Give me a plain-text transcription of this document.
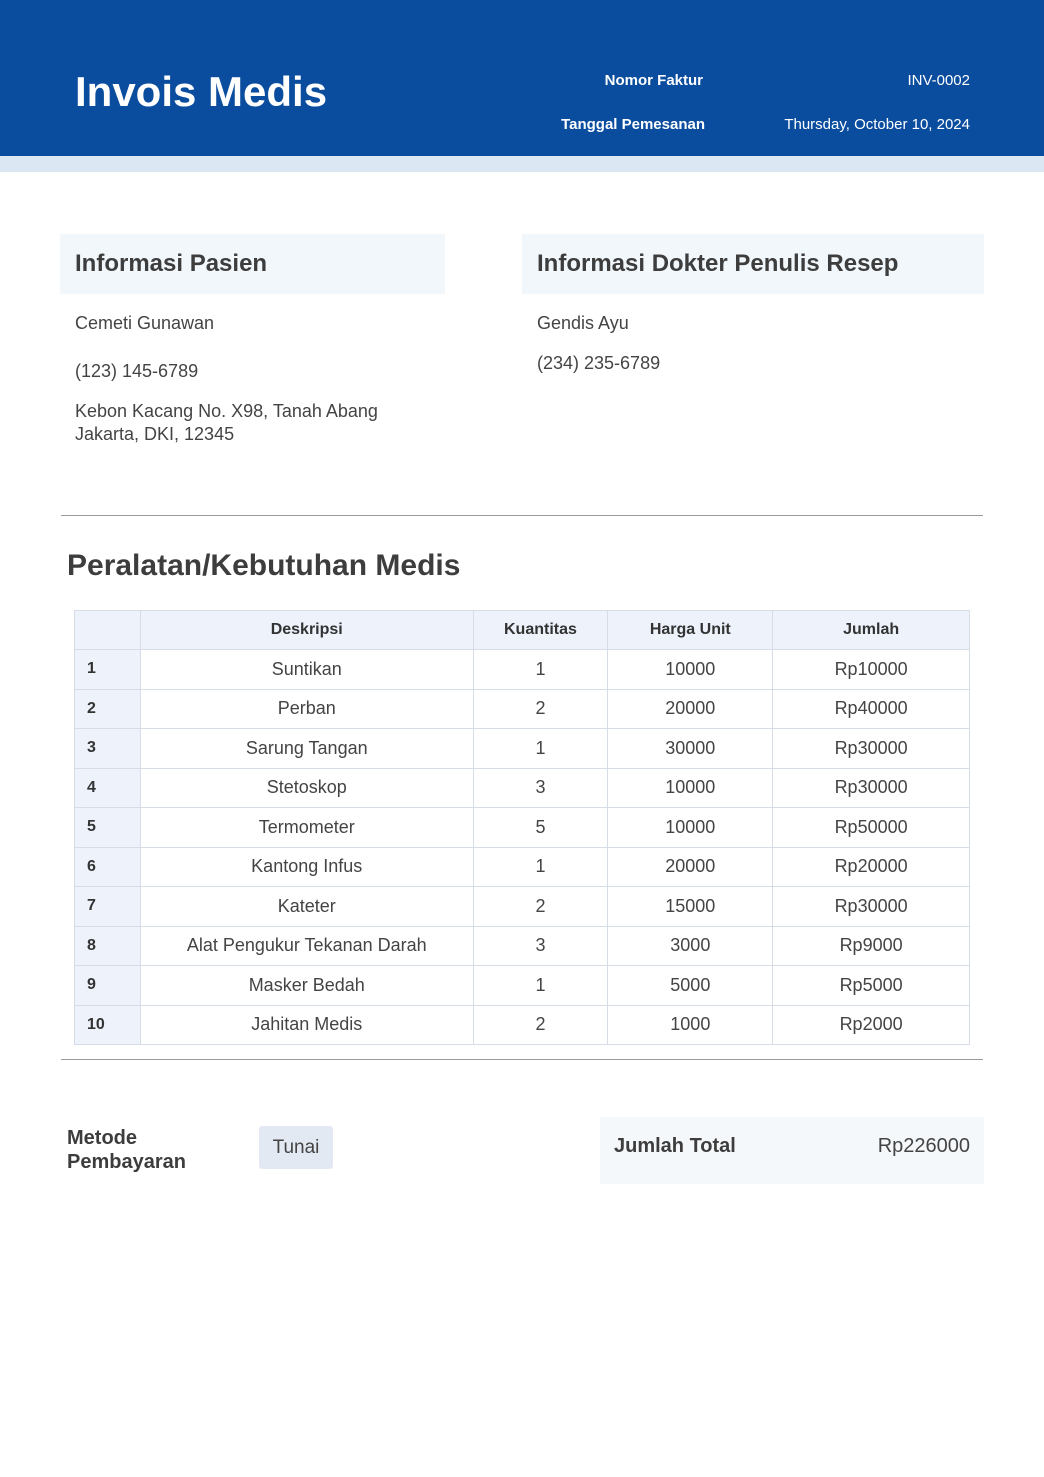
Invois Medis	Nomor Faktur	INV-0002
Tanggal Pemesanan	Thursday, October 10, 2024
Informasi Pasien
Cemeti Gunawan
(123) 145-6789
Kebon Kacang No. X98, Tanah Abang
Jakarta, DKI, 12345
Informasi Dokter Penulis Resep
Gendis Ayu
(234) 235-6789
Peralatan/Kebutuhan Medis
	Deskripsi	Kuantitas	Harga Unit	Jumlah
1	Suntikan	1	10000	Rp10000
2	Perban	2	20000	Rp40000
3	Sarung Tangan	1	30000	Rp30000
4	Stetoskop	3	10000	Rp30000
5	Termometer	5	10000	Rp50000
6	Kantong Infus	1	20000	Rp20000
7	Kateter	2	15000	Rp30000
8	Alat Pengukur Tekanan Darah	3	3000	Rp9000
9	Masker Bedah	1	5000	Rp5000
10	Jahitan Medis	2	1000	Rp2000
Metode Pembayaran
Tunai	Jumlah Total	Rp226000
